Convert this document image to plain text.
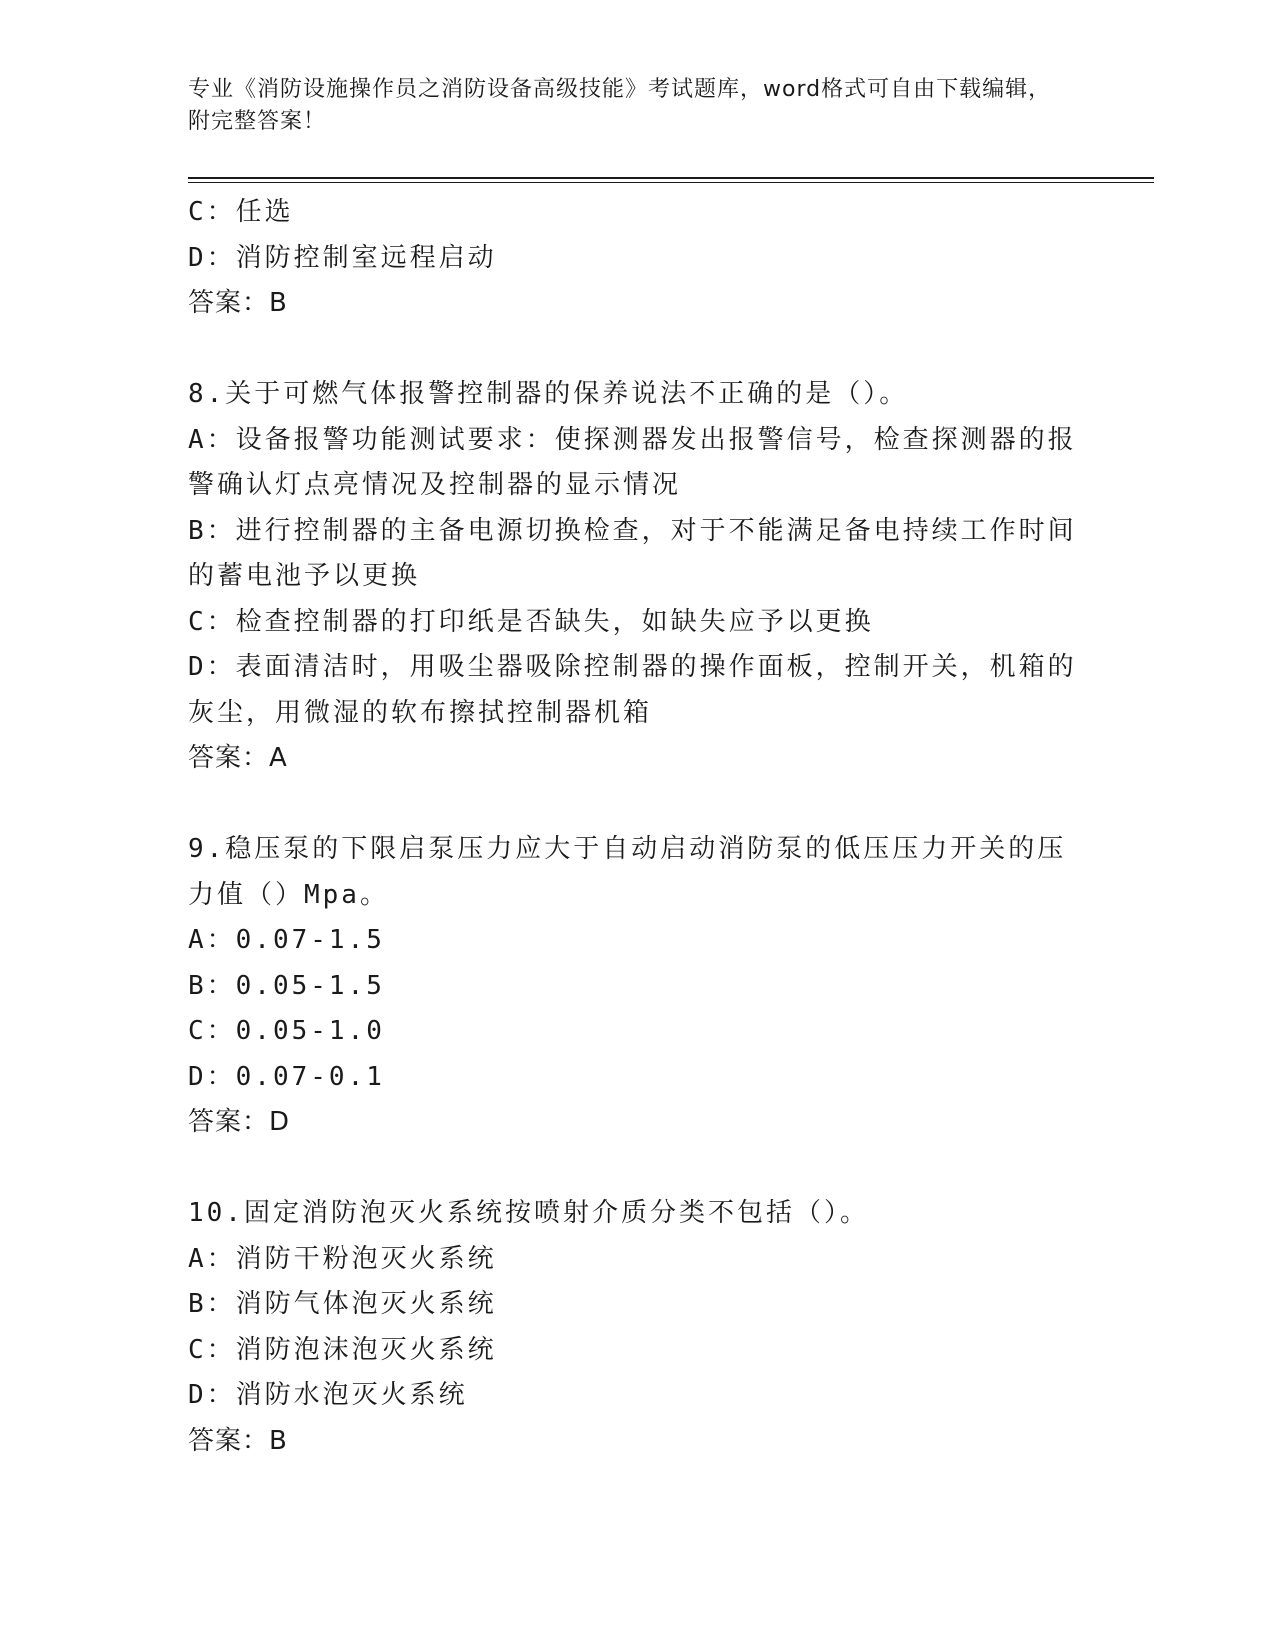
专业《消防设施操作员之消防设备高级技能》考试题库，word格式可自由下载编辑，附完整答案！
C：任选
D：消防控制室远程启动
答案：B
8.关于可燃气体报警控制器的保养说法不正确的是（）。
A：设备报警功能测试要求：使探测器发出报警信号，检查探测器的报
警确认灯点亮情况及控制器的显示情况
B：进行控制器的主备电源切换检查，对于不能满足备电持续工作时间
的蓄电池予以更换
C：检查控制器的打印纸是否缺失，如缺失应予以更换
D：表面清洁时，用吸尘器吸除控制器的操作面板，控制开关，机箱的
灰尘，用微湿的软布擦拭控制器机箱
答案：A
9.稳压泵的下限启泵压力应大于自动启动消防泵的低压压力开关的压
力值（）Mpa。
A：0.07-1.5
B：0.05-1.5
C：0.05-1.0
D：0.07-0.1
答案：D
10.固定消防泡灭火系统按喷射介质分类不包括（）。
A：消防干粉泡灭火系统
B：消防气体泡灭火系统
C：消防泡沫泡灭火系统
D：消防水泡灭火系统
答案：B
